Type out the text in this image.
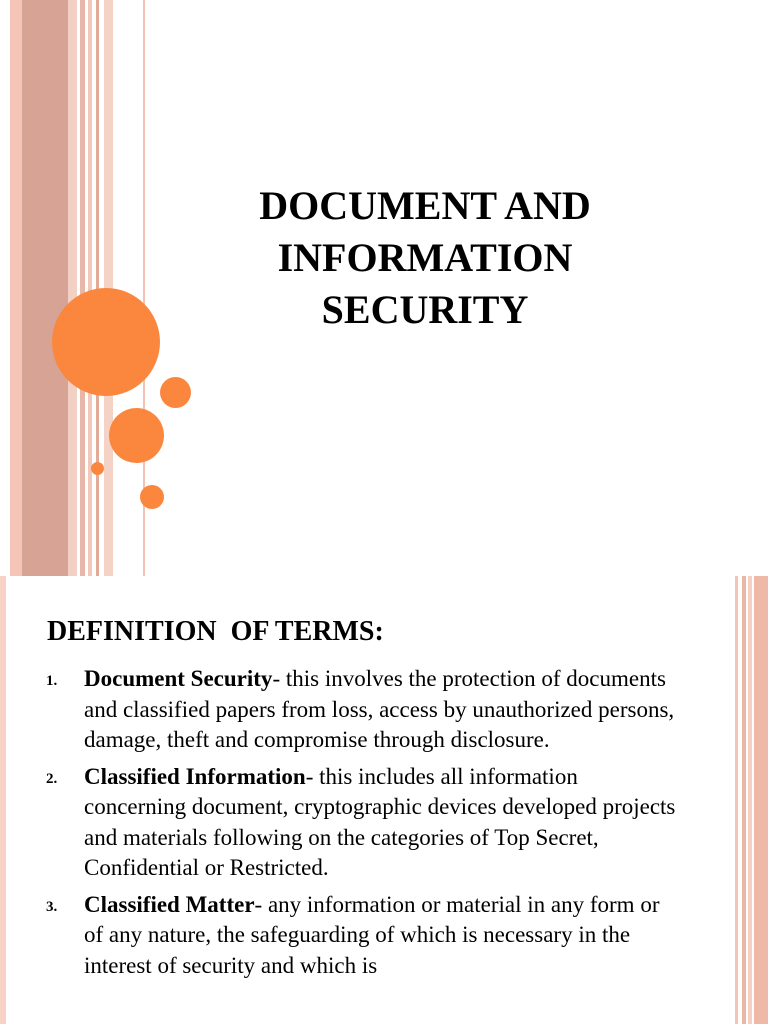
DOCUMENT AND
INFORMATION
SECURITY
DEFINITION  OF TERMS:
1. Document Security- this involves the protection of documents and classified papers from loss, access by unauthorized persons, damage, theft and compromise through disclosure.
2. Classified Information- this includes all information concerning document, cryptographic devices developed projects and materials following on the categories of Top Secret, Confidential or Restricted.
3. Classified Matter- any information or material in any form or of any nature, the safeguarding of which is necessary in the interest of security and which is
